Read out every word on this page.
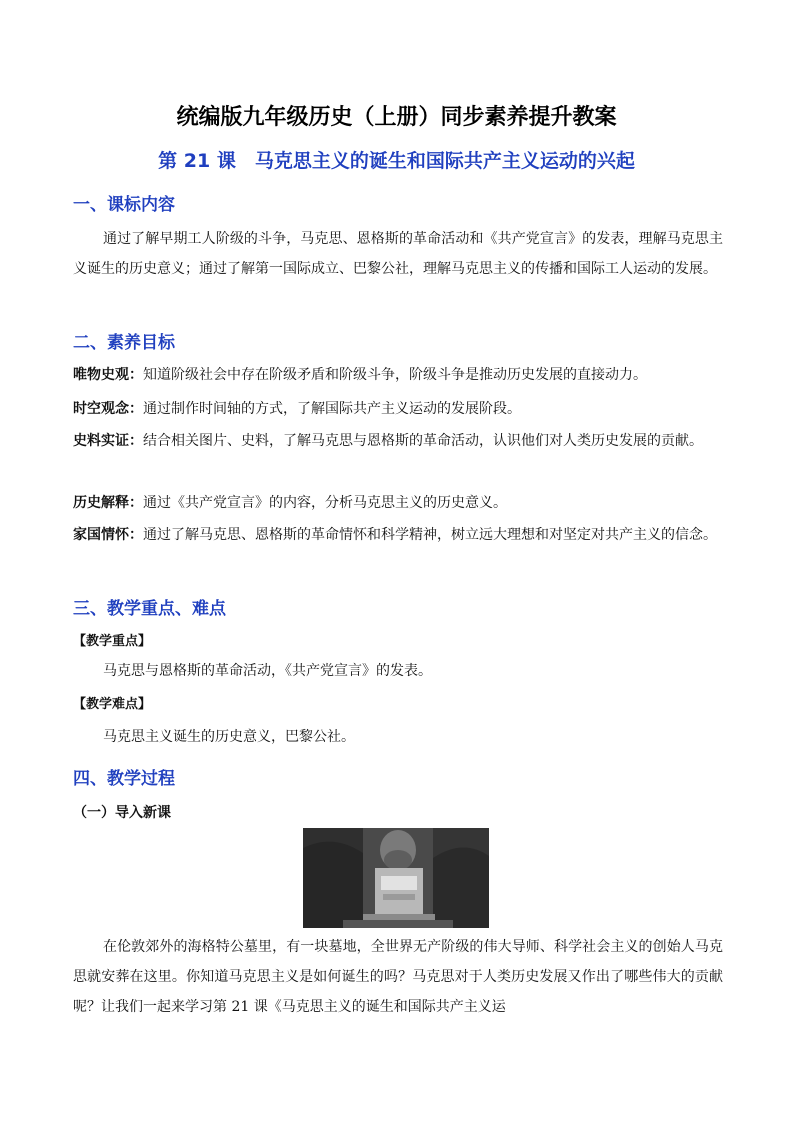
统编版九年级历史（上册）同步素养提升教案
第 21 课　马克思主义的诞生和国际共产主义运动的兴起
一、课标内容
通过了解早期工人阶级的斗争，马克思、恩格斯的革命活动和《共产党宣言》的发表，理解马克思主义诞生的历史意义；通过了解第一国际成立、巴黎公社，理解马克思主义的传播和国际工人运动的发展。
二、素养目标
唯物史观：知道阶级社会中存在阶级矛盾和阶级斗争，阶级斗争是推动历史发展的直接动力。
时空观念：通过制作时间轴的方式，了解国际共产主义运动的发展阶段。
史料实证：结合相关图片、史料，了解马克思与恩格斯的革命活动，认识他们对人类历史发展的贡献。
历史解释：通过《共产党宣言》的内容，分析马克思主义的历史意义。
家国情怀：通过了解马克思、恩格斯的革命情怀和科学精神，树立远大理想和对坚定对共产主义的信念。
三、教学重点、难点
【教学重点】
马克思与恩格斯的革命活动，《共产党宣言》的发表。
【教学难点】
马克思主义诞生的历史意义，巴黎公社。
四、教学过程
（一）导入新课
在伦敦郊外的海格特公墓里，有一块墓地，全世界无产阶级的伟大导师、科学社会主义的创始人马克思就安葬在这里。你知道马克思主义是如何诞生的吗？马克思对于人类历史发展又作出了哪些伟大的贡献呢？让我们一起来学习第 21 课《马克思主义的诞生和国际共产主义运
